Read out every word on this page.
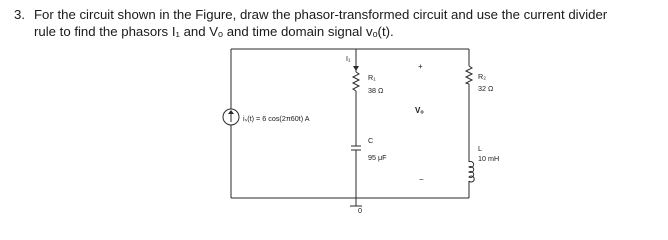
3. For the circuit shown in the Figure, draw the phasor-transformed circuit and use the current divider
rule to find the phasors I₁ and Vₒ and time domain signal vₒ(t).
iₛ(t) = 6 cos(2π60t) A
I₁
R₁
38 Ω
C
95 μF
+
Vₒ
−
R₂
32 Ω
L
10 mH
0
